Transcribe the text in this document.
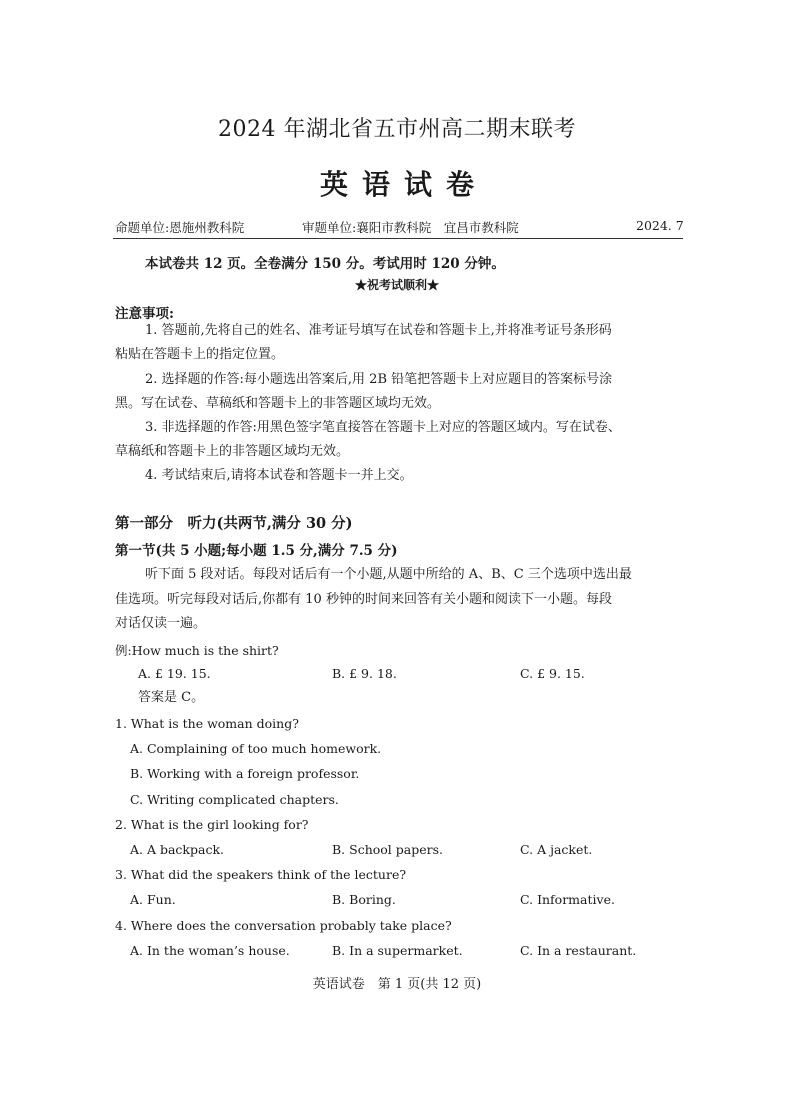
2024 年湖北省五市州高二期末联考
英语试卷
命题单位:恩施州教科院	审题单位:襄阳市教科院　宜昌市教科院	2024. 7
本试卷共 12 页。全卷满分 150 分。考试用时 120 分钟。
★祝考试顺利★
注意事项:
1. 答题前,先将自己的姓名、准考证号填写在试卷和答题卡上,并将准考证号条形码
粘贴在答题卡上的指定位置。
2. 选择题的作答:每小题选出答案后,用 2B 铅笔把答题卡上对应题目的答案标号涂
黑。写在试卷、草稿纸和答题卡上的非答题区域均无效。
3. 非选择题的作答:用黑色签字笔直接答在答题卡上对应的答题区域内。写在试卷、
草稿纸和答题卡上的非答题区域均无效。
4. 考试结束后,请将本试卷和答题卡一并上交。
第一部分　听力(共两节,满分 30 分)
第一节(共 5 小题;每小题 1.5 分,满分 7.5 分)
听下面 5 段对话。每段对话后有一个小题,从题中所给的 A、B、C 三个选项中选出最
佳选项。听完每段对话后,你都有 10 秒钟的时间来回答有关小题和阅读下一小题。每段
对话仅读一遍。
例:How much is the shirt?
A. £ 19. 15.	B. £ 9. 18.	C. £ 9. 15.
答案是 C。
1. What is the woman doing?
A. Complaining of too much homework.
B. Working with a foreign professor.
C. Writing complicated chapters.
2. What is the girl looking for?
A. A backpack.	B. School papers.	C. A jacket.
3. What did the speakers think of the lecture?
A. Fun.	B. Boring.	C. Informative.
4. Where does the conversation probably take place?
A. In the woman’s house.	B. In a supermarket.	C. In a restaurant.
英语试卷　第 1 页(共 12 页)
